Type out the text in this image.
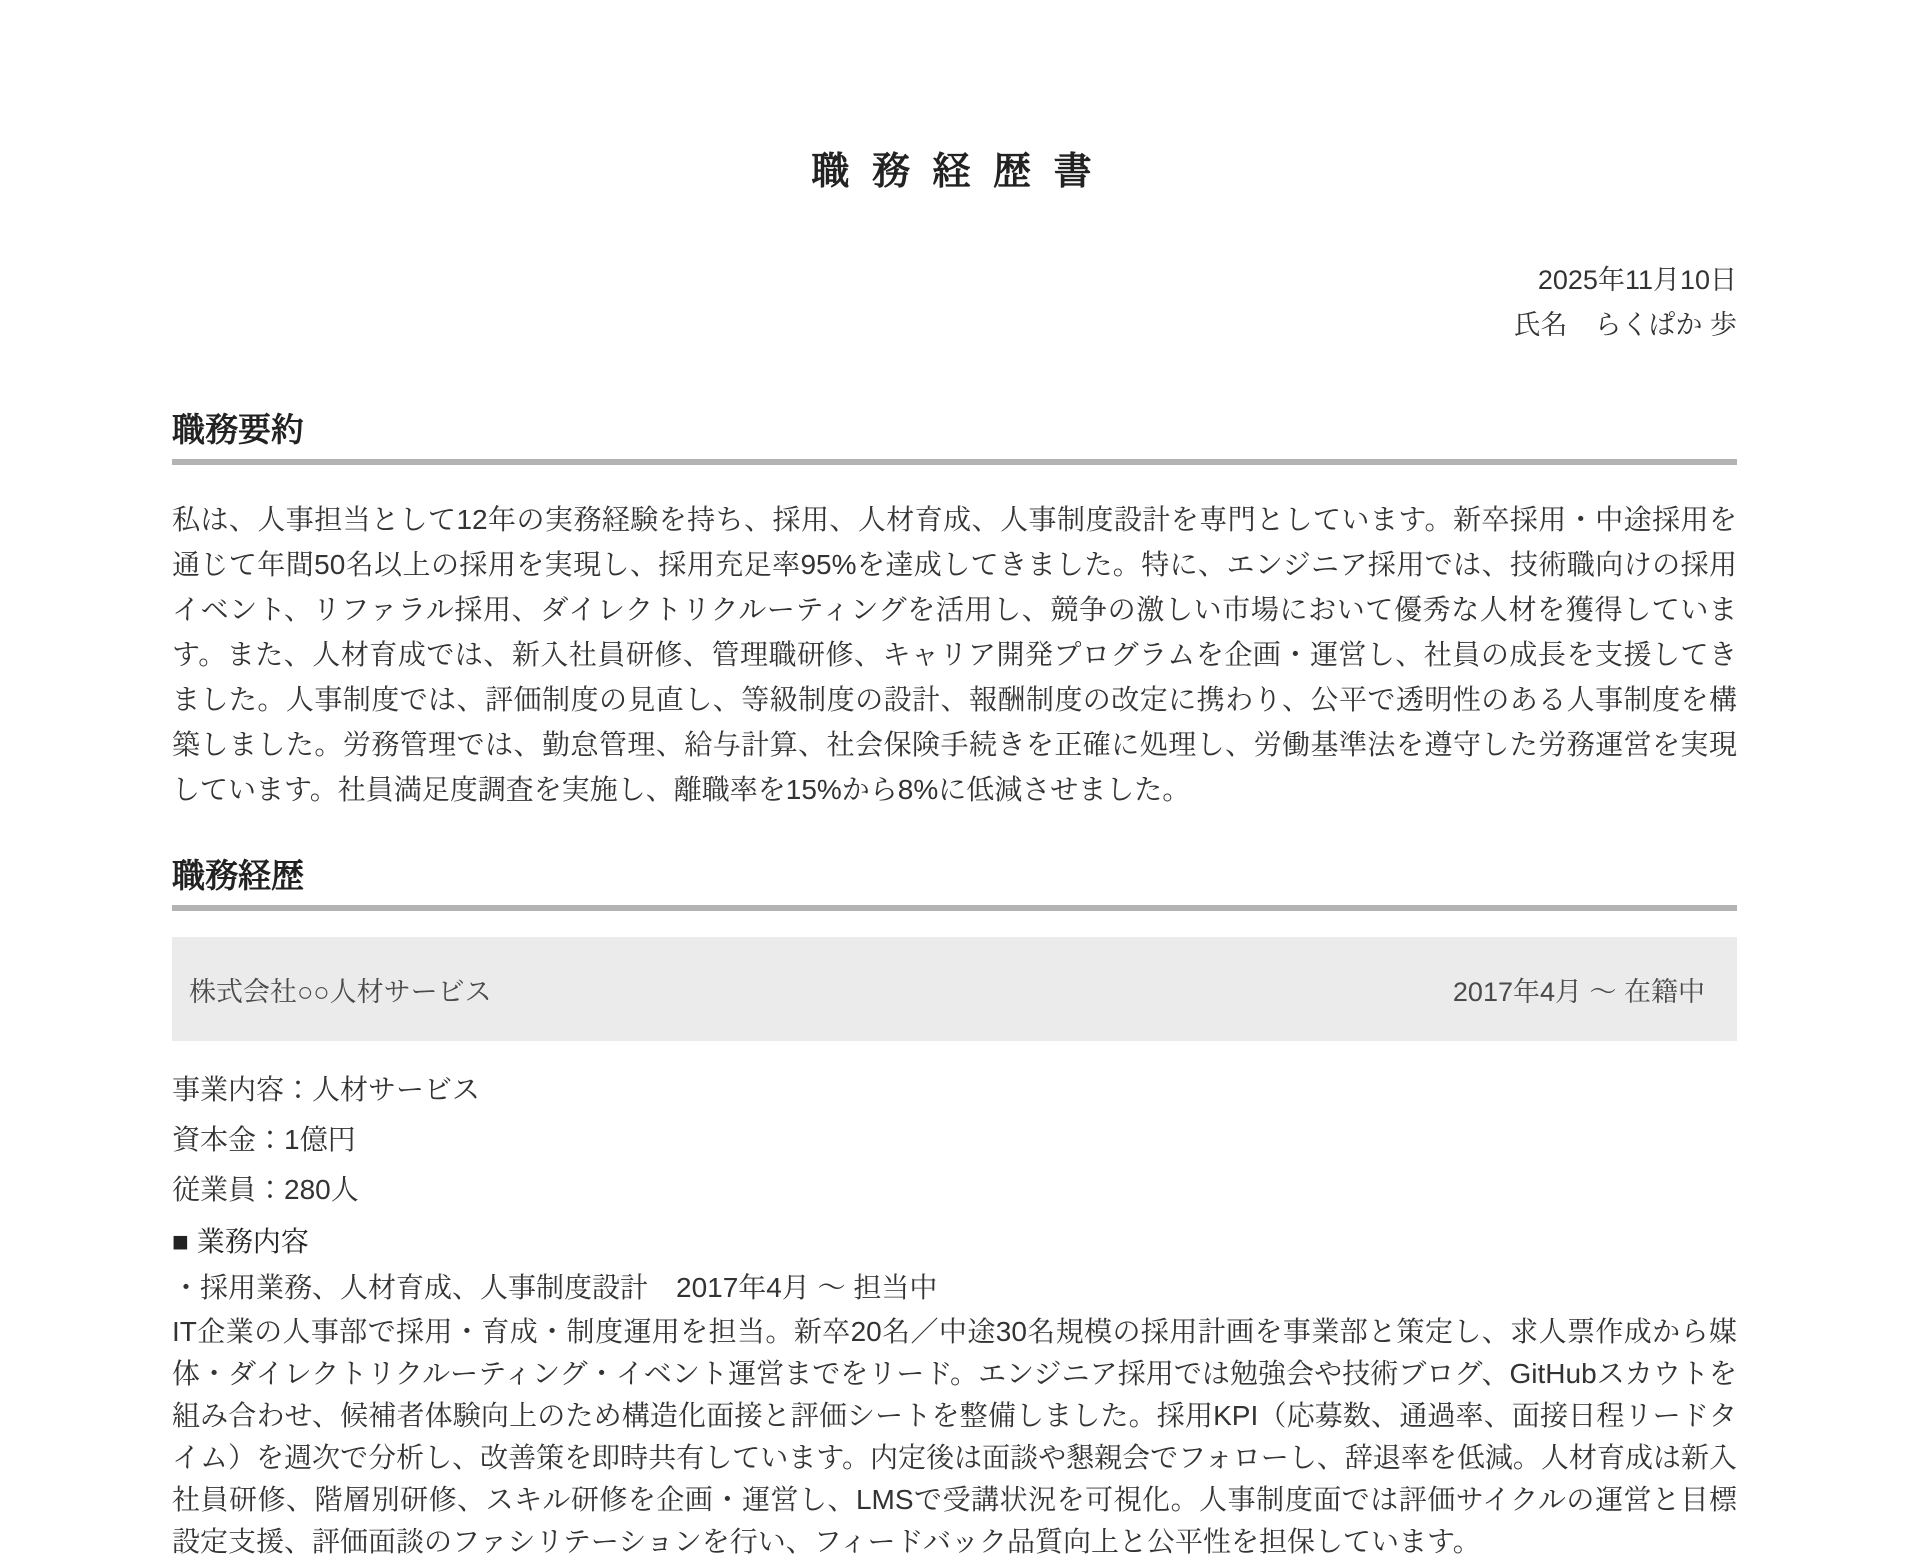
職 務 経 歴 書
2025年11月10日
氏名　らくぱか 歩
職務要約

私は、人事担当として12年の実務経験を持ち、採用、人材育成、人事制度設計を専門としています。新卒採用・中途採用を通じて年間50名以上の採用を実現し、採用充足率95%を達成してきました。特に、エンジニア採用では、技術職向けの採用イベント、リファラル採用、ダイレクトリクルーティングを活用し、競争の激しい市場において優秀な人材を獲得しています。また、人材育成では、新入社員研修、管理職研修、キャリア開発プログラムを企画・運営し、社員の成長を支援してきました。人事制度では、評価制度の見直し、等級制度の設計、報酬制度の改定に携わり、公平で透明性のある人事制度を構築しました。労務管理では、勤怠管理、給与計算、社会保険手続きを正確に処理し、労働基準法を遵守した労務運営を実現しています。社員満足度調査を実施し、離職率を15%から8%に低減させました。

職務経歴
株式会社○○人材サービス	2017年4月 〜 在籍中
事業内容：人材サービス
資本金：1億円
従業員：280人
■ 業務内容
・採用業務、人材育成、人事制度設計　2017年4月 〜 担当中

IT企業の人事部で採用・育成・制度運用を担当。新卒20名／中途30名規模の採用計画を事業部と策定し、求人票作成から媒体・ダイレクトリクルーティング・イベント運営までをリード。エンジニア採用では勉強会や技術ブログ、GitHubスカウトを組み合わせ、候補者体験向上のため構造化面接と評価シートを整備しました。採用KPI（応募数、通過率、面接日程リードタイム）を週次で分析し、改善策を即時共有しています。内定後は面談や懇親会でフォローし、辞退率を低減。人材育成は新入社員研修、階層別研修、スキル研修を企画・運営し、LMSで受講状況を可視化。人事制度面では評価サイクルの運営と目標設定支援、評価面談のファシリテーションを行い、フィードバック品質向上と公平性を担保しています。
